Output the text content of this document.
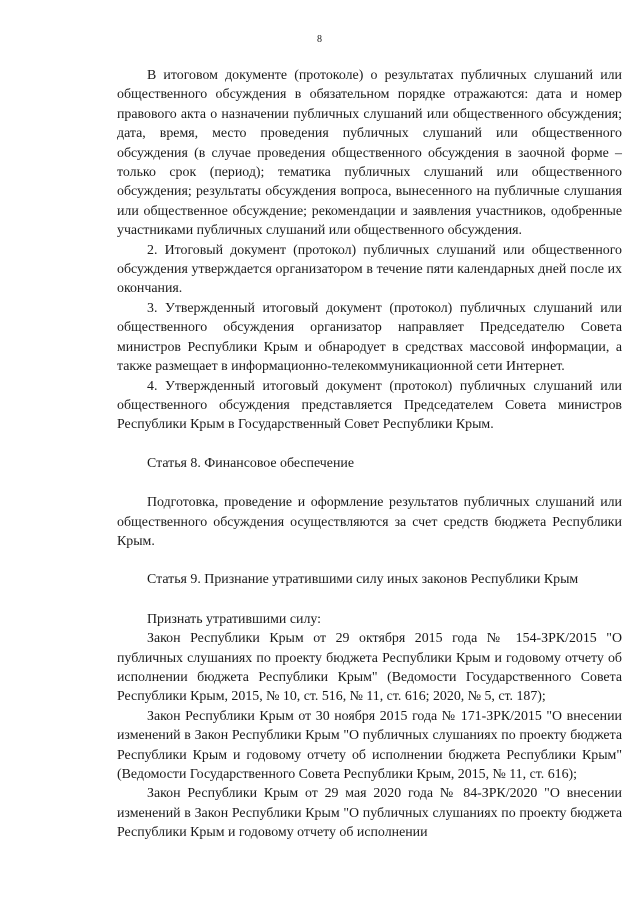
8

В итоговом документе (протоколе) о результатах публичных слушаний или общественного обсуждения в обязательном порядке отражаются: дата и номер правового акта о назначении публичных слушаний или общественного обсуждения; дата, время, место проведения публичных слушаний или общественного обсуждения (в случае проведения общественного обсуждения в заочной форме – только срок (период); тематика публичных слушаний или общественного обсуждения; результаты обсуждения вопроса, вынесенного на публичные слушания или общественное обсуждение; рекомендации и заявления участников, одобренные участниками публичных слушаний или общественного обсуждения.

2. Итоговый документ (протокол) публичных слушаний или общественного обсуждения утверждается организатором в течение пяти календарных дней после их окончания.

3. Утвержденный итоговый документ (протокол) публичных слушаний или общественного обсуждения организатор направляет Председателю Совета министров Республики Крым и обнародует в средствах массовой информации, а также размещает в информационно-телекоммуникационной сети Интернет.

4. Утвержденный итоговый документ (протокол) публичных слушаний или общественного обсуждения представляется Председателем Совета министров Республики Крым в Государственный Совет Республики Крым.

Статья 8. Финансовое обеспечение

Подготовка, проведение и оформление результатов публичных слушаний или общественного обсуждения осуществляются за счет средств бюджета Республики Крым.

Статья 9. Признание утратившими силу иных законов Республики Крым

Признать утратившими силу:

Закон Республики Крым от 29 октября 2015 года № 154-ЗРК/2015 "О публичных слушаниях по проекту бюджета Республики Крым и годовому отчету об исполнении бюджета Республики Крым" (Ведомости Государственного Совета Республики Крым, 2015, № 10, ст. 516, № 11, ст. 616; 2020, № 5, ст. 187);

Закон Республики Крым от 30 ноября 2015 года № 171-ЗРК/2015 "О внесении изменений в Закон Республики Крым "О публичных слушаниях по проекту бюджета Республики Крым и годовому отчету об исполнении бюджета Республики Крым" (Ведомости Государственного Совета Республики Крым, 2015, № 11, ст. 616);

Закон Республики Крым от 29 мая 2020 года № 84-ЗРК/2020 "О внесении изменений в Закон Республики Крым "О публичных слушаниях по проекту бюджета Республики Крым и годовому отчету об исполнении
